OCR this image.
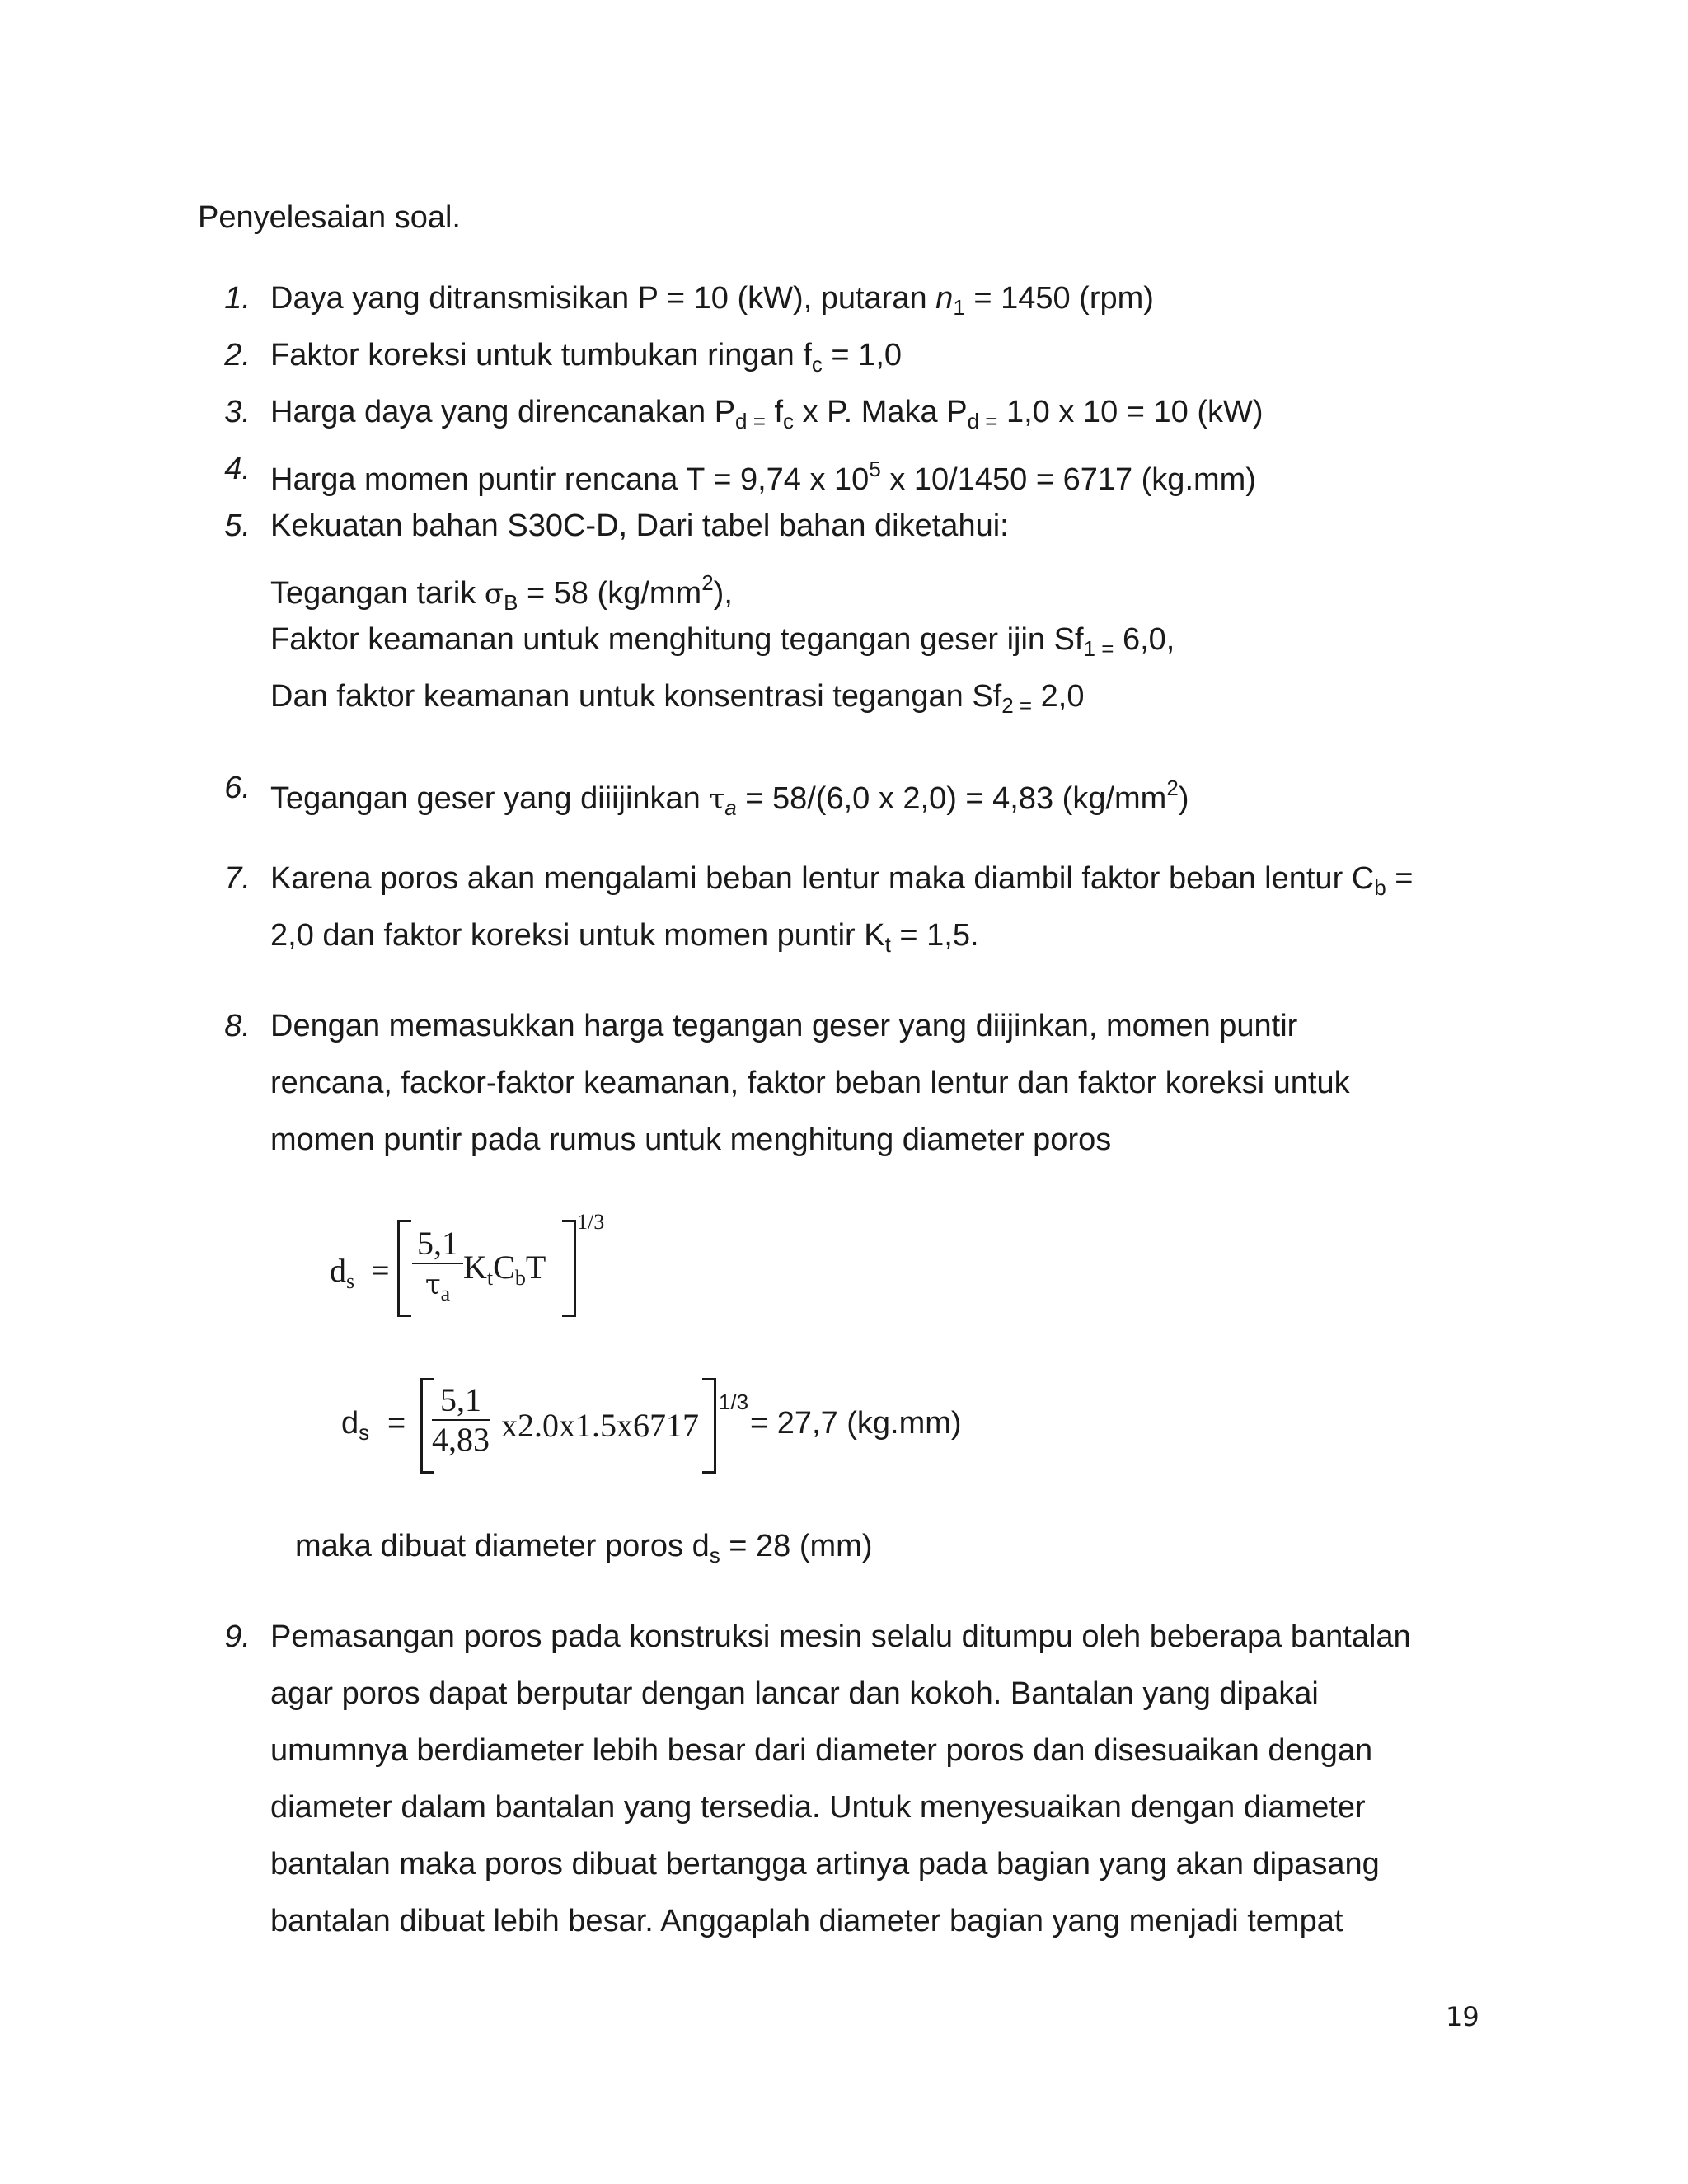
Penyelesaian soal.
1. Daya yang ditransmisikan P = 10 (kW), putaran $n_1 = 1450$ (rpm)
2. Faktor koreksi untuk tumbukan ringan $f_c = 1,0$
3. Harga daya yang direncanakan $P_{d =}$ $f_c$ x P. Maka $P_{d =}$ 1,0 x 10 = 10 (kW)
4. Harga momen puntir rencana T = 9,74 x $10^5$ x 10/1450 = 6717 (kg.mm)
5. Kekuatan bahan S30C-D, Dari tabel bahan diketahui:
Tegangan tarik $\sigma_B = 58$ $(kg/mm^2)$,
Faktor keamanan untuk menghitung tegangan geser ijin $Sf_{1 =}$ 6,0,
Dan faktor keamanan untuk konsentrasi tegangan $Sf_{2 =}$ 2,0
6. Tegangan geser yang diiijinkan $\tau_a = 58/(6,0$ x 2,0) = 4,83 $(kg/mm^2)$
7. Karena poros akan mengalami beban lentur maka diambil faktor beban lentur $C_b$ =
2,0 dan faktor koreksi untuk momen puntir $K_t = 1,5$.
8. Dengan memasukkan harga tegangan geser yang diijinkan, momen puntir
rencana, fackor-faktor keamanan, faktor beban lentur dan faktor koreksi untuk
momen puntir pada rumus untuk menghitung diameter poros
$d_s = \frac{5,1}{\tau_a} K_tC_bT$
1/3
$d_s = \frac{5,1}{4,83} x2.0x1.5x6717$
1/3
= 27,7 (kg.mm)
maka dibuat diameter poros $d_s = 28$ (mm)
9. Pemasangan poros pada konstruksi mesin selalu ditumpu oleh beberapa bantalan
agar poros dapat berputar dengan lancar dan kokoh. Bantalan yang dipakai
umumnya berdiameter lebih besar dari diameter poros dan disesuaikan dengan
diameter dalam bantalan yang tersedia. Untuk menyesuaikan dengan diameter
bantalan maka poros dibuat bertangga artinya pada bagian yang akan dipasang
bantalan dibuat lebih besar. Anggaplah diameter bagian yang menjadi tempat
19
